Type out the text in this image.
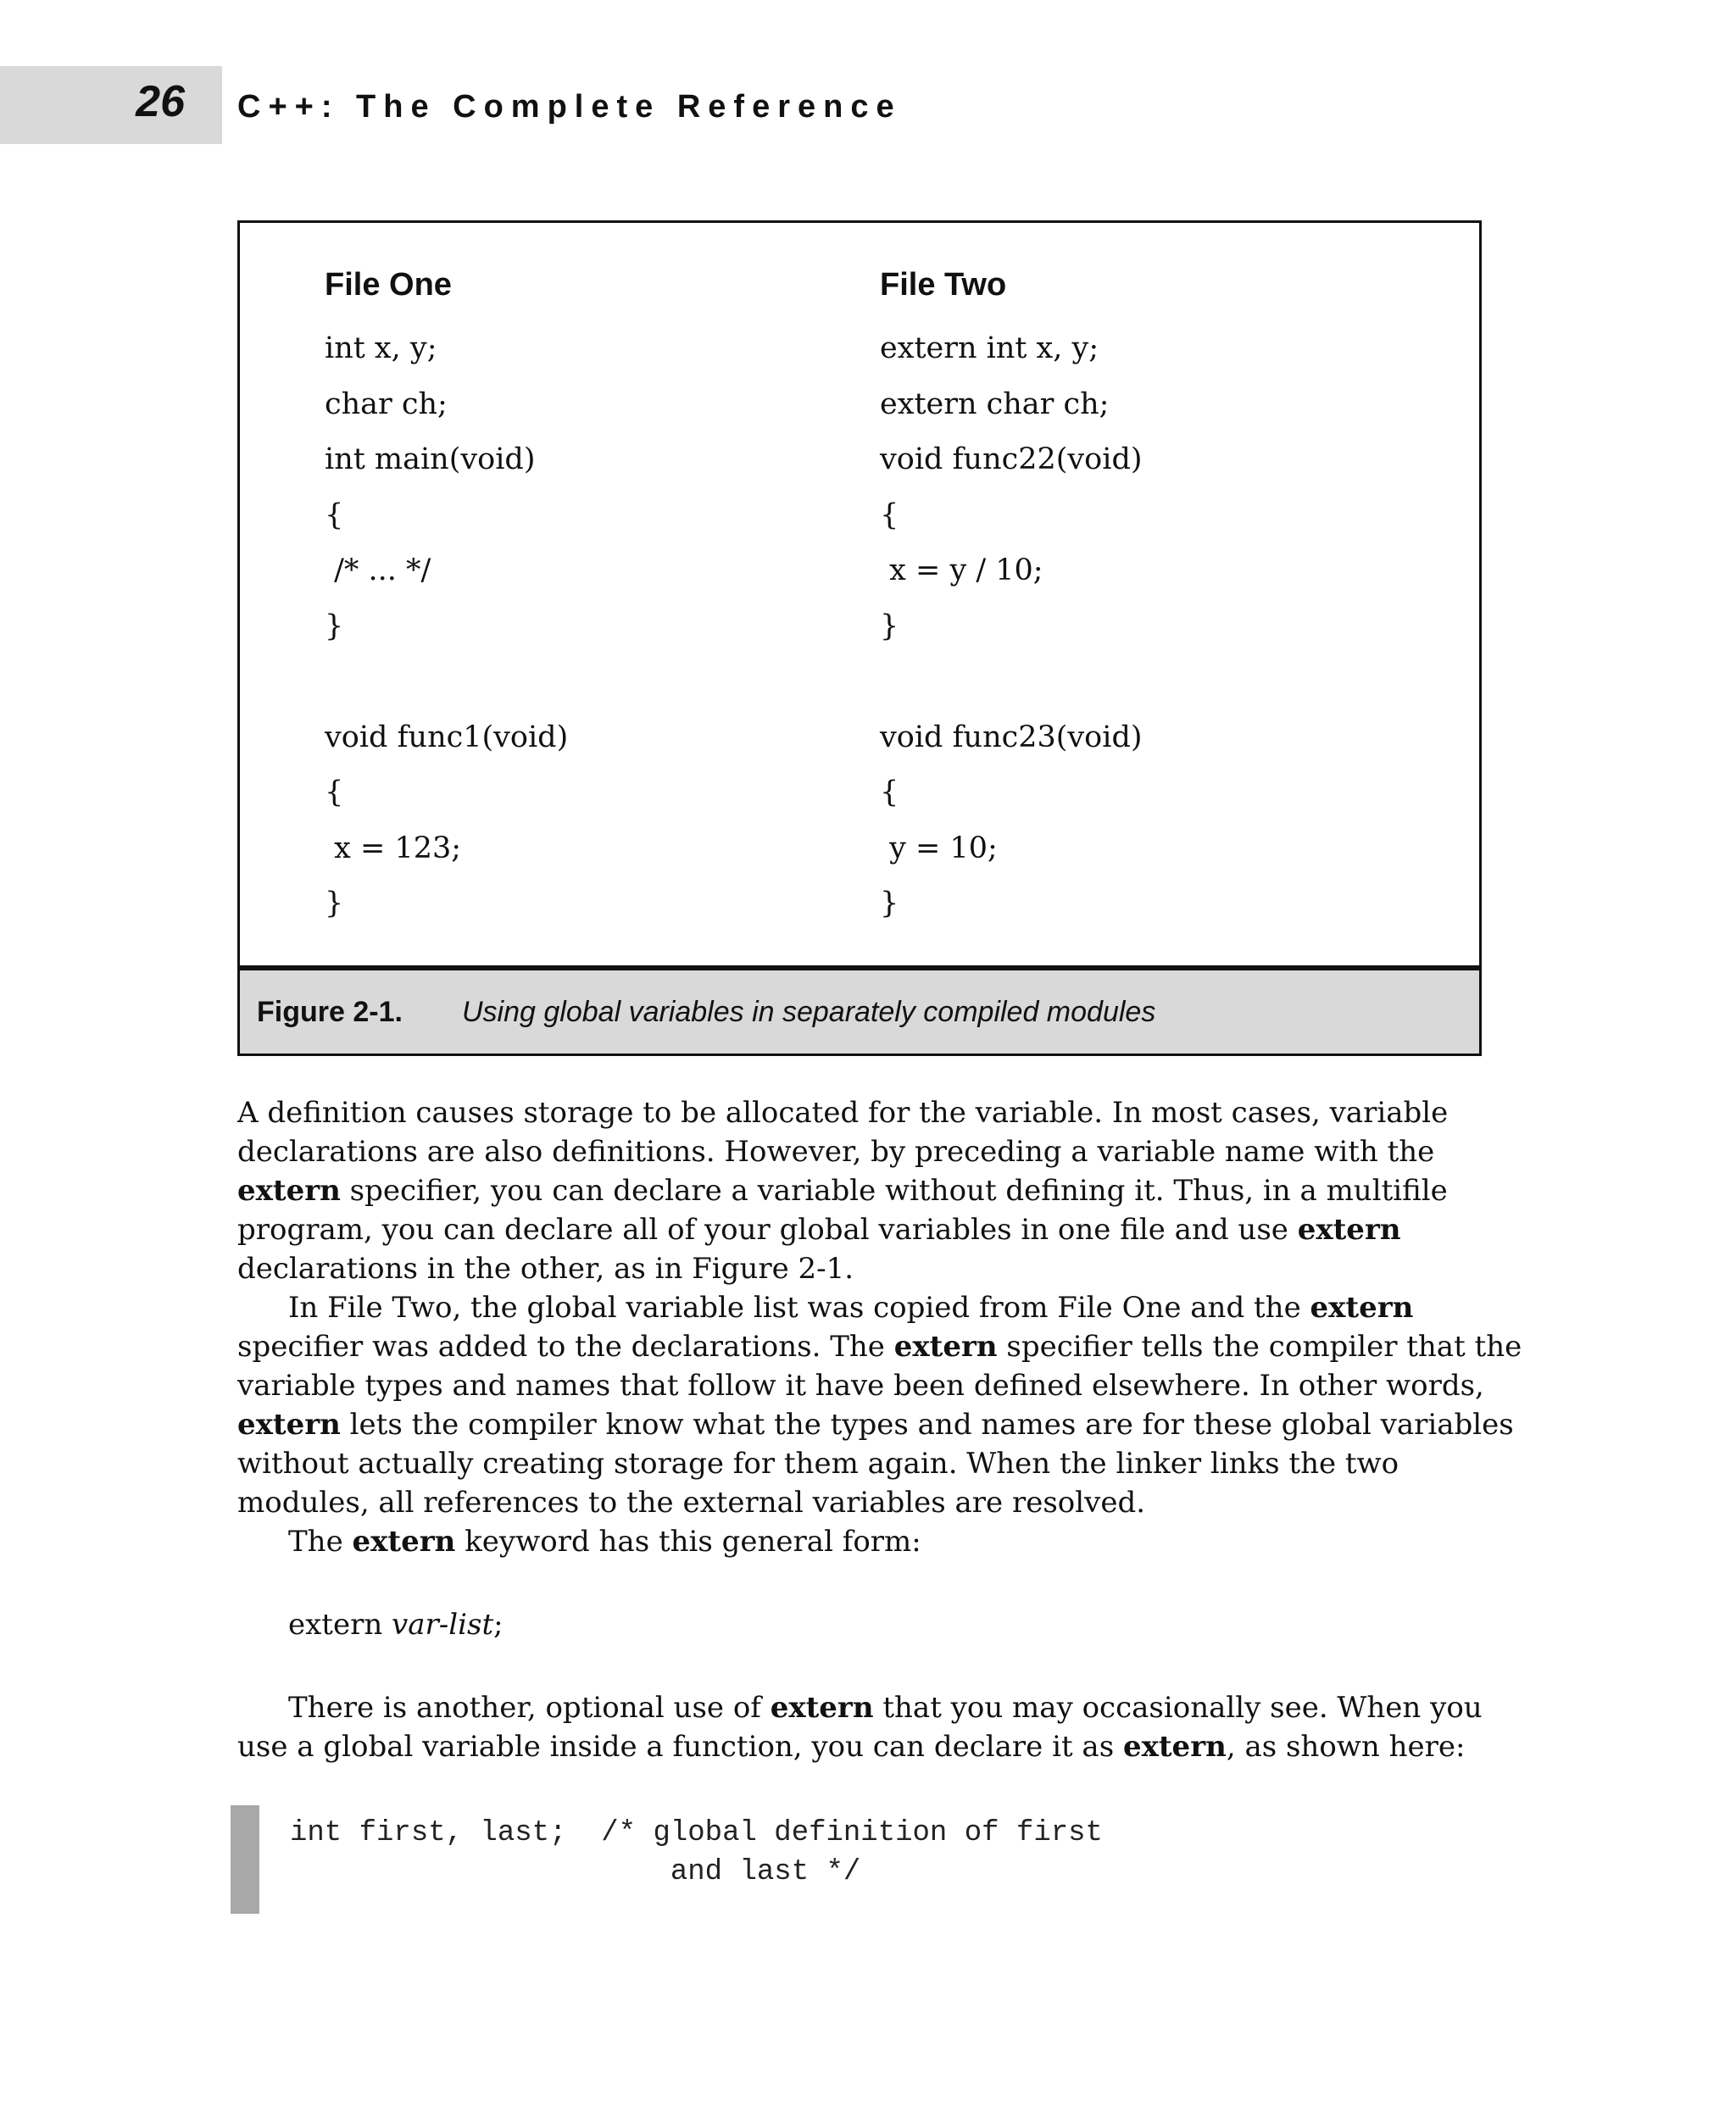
26 C++: The Complete Reference
File One
int x, y;
char ch;
int main(void)
{
/* ... */
}
void func1(void)
{
x = 123;
}
File Two
extern int x, y;
extern char ch;
void func22(void)
{
x = y / 10;
}
void func23(void)
{
y = 10;
}
Figure 2-1. Using global variables in separately compiled modules

A definition causes storage to be allocated for the variable. In most cases, variable
declarations are also definitions. However, by preceding a variable name with the
extern specifier, you can declare a variable without defining it. Thus, in a multifile
program, you can declare all of your global variables in one file and use extern
declarations in the other, as in Figure 2-1.

In File Two, the global variable list was copied from File One and the extern
specifier was added to the declarations. The extern specifier tells the compiler that the
variable types and names that follow it have been defined elsewhere. In other words,
extern lets the compiler know what the types and names are for these global variables
without actually creating storage for them again. When the linker links the two
modules, all references to the external variables are resolved.

The extern keyword has this general form:

extern var-list;

There is another, optional use of extern that you may occasionally see. When you
use a global variable inside a function, you can declare it as extern, as shown here:

int first, last;  /* global definition of first
and last */
